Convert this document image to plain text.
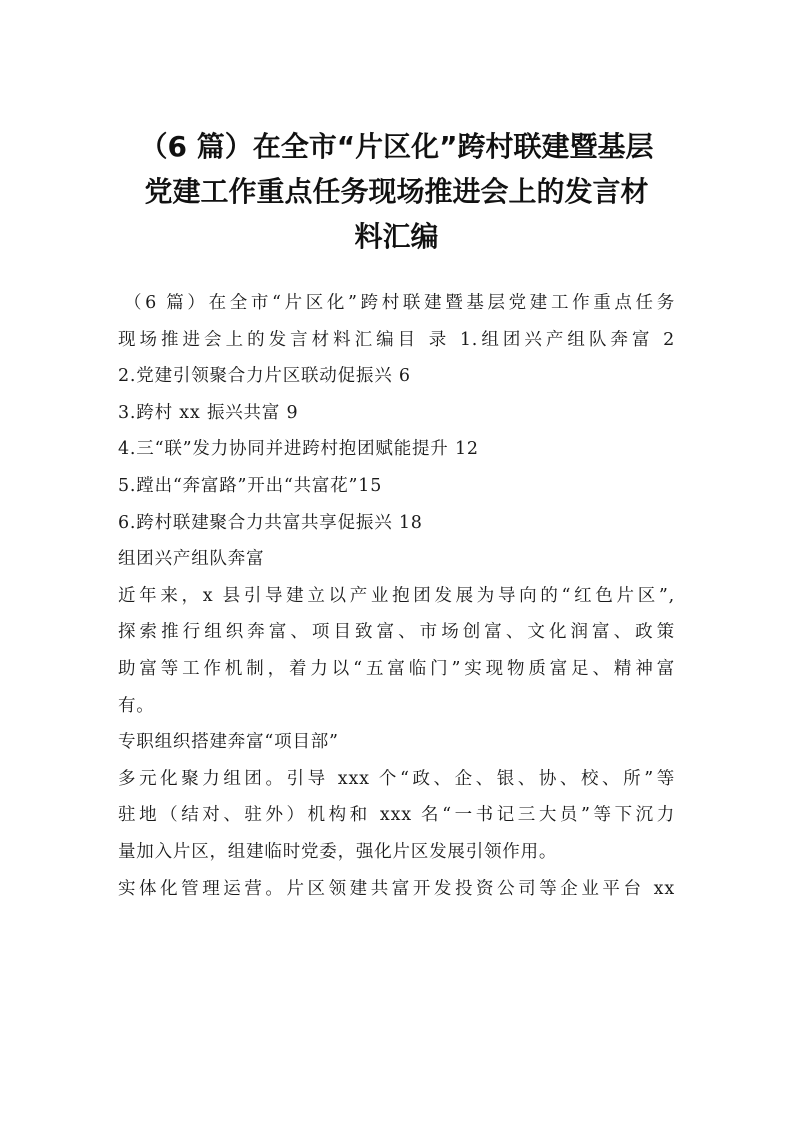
（6 篇）在全市“片区化”跨村联建暨基层
党建工作重点任务现场推进会上的发言材
料汇编
（6 篇）在全市“片区化”跨村联建暨基层党建工作重点任务
现场推进会上的发言材料汇编目 录 1.组团兴产组队奔富 2
2.党建引领聚合力片区联动促振兴 6
3.跨村 xx 振兴共富 9
4.三“联”发力协同并进跨村抱团赋能提升 12
5.蹚出“奔富路”开出“共富花”15
6.跨村联建聚合力共富共享促振兴 18
组团兴产组队奔富
近年来，x 县引导建立以产业抱团发展为导向的“红色片区”,
探索推行组织奔富、项目致富、市场创富、文化润富、政策
助富等工作机制，着力以“五富临门”实现物质富足、精神富
有。
专职组织搭建奔富“项目部”
多元化聚力组团。引导 xxx 个“政、企、银、协、校、所”等
驻地（结对、驻外）机构和 xxx 名“一书记三大员”等下沉力
量加入片区，组建临时党委，强化片区发展引领作用。
实体化管理运营。片区领建共富开发投资公司等企业平台 xx
